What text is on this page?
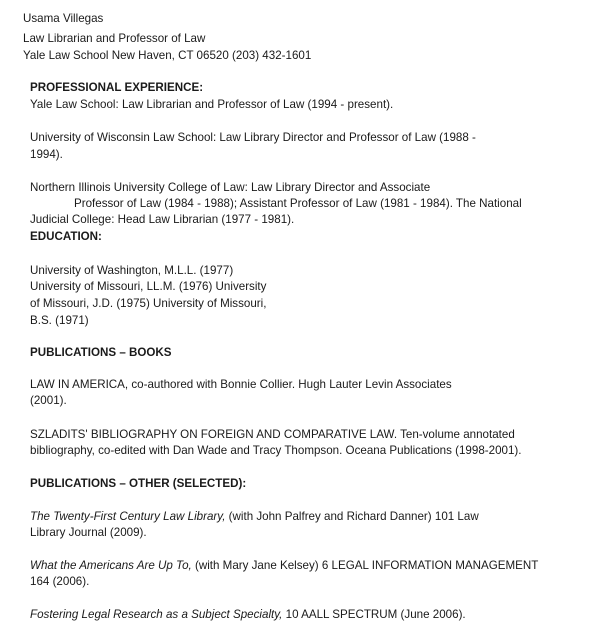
Usama Villegas
Law Librarian and Professor of Law
Yale Law School New Haven, CT 06520 (203) 432-1601
PROFESSIONAL EXPERIENCE:
Yale Law School: Law Librarian and Professor of Law (1994 - present).
University of Wisconsin Law School: Law Library Director and Professor of Law (1988 -
1994).
Northern Illinois University College of Law: Law Library Director and Associate
Professor of Law (1984 - 1988); Assistant Professor of Law (1981 - 1984). The National
Judicial College: Head Law Librarian (1977 - 1981).
EDUCATION:
University of Washington, M.L.L. (1977)
University of Missouri, LL.M. (1976) University
of Missouri, J.D. (1975) University of Missouri,
B.S. (1971)
PUBLICATIONS – BOOKS
LAW IN AMERICA, co-authored with Bonnie Collier. Hugh Lauter Levin Associates
(2001).
SZLADITS' BIBLIOGRAPHY ON FOREIGN AND COMPARATIVE LAW. Ten-volume annotated
bibliography, co-edited with Dan Wade and Tracy Thompson. Oceana Publications (1998-2001).
PUBLICATIONS – OTHER (SELECTED):
The Twenty-First Century Law Library, (with John Palfrey and Richard Danner) 101 Law
Library Journal (2009).
What the Americans Are Up To, (with Mary Jane Kelsey) 6 LEGAL INFORMATION MANAGEMENT
164 (2006).
Fostering Legal Research as a Subject Specialty, 10 AALL SPECTRUM (June 2006).
